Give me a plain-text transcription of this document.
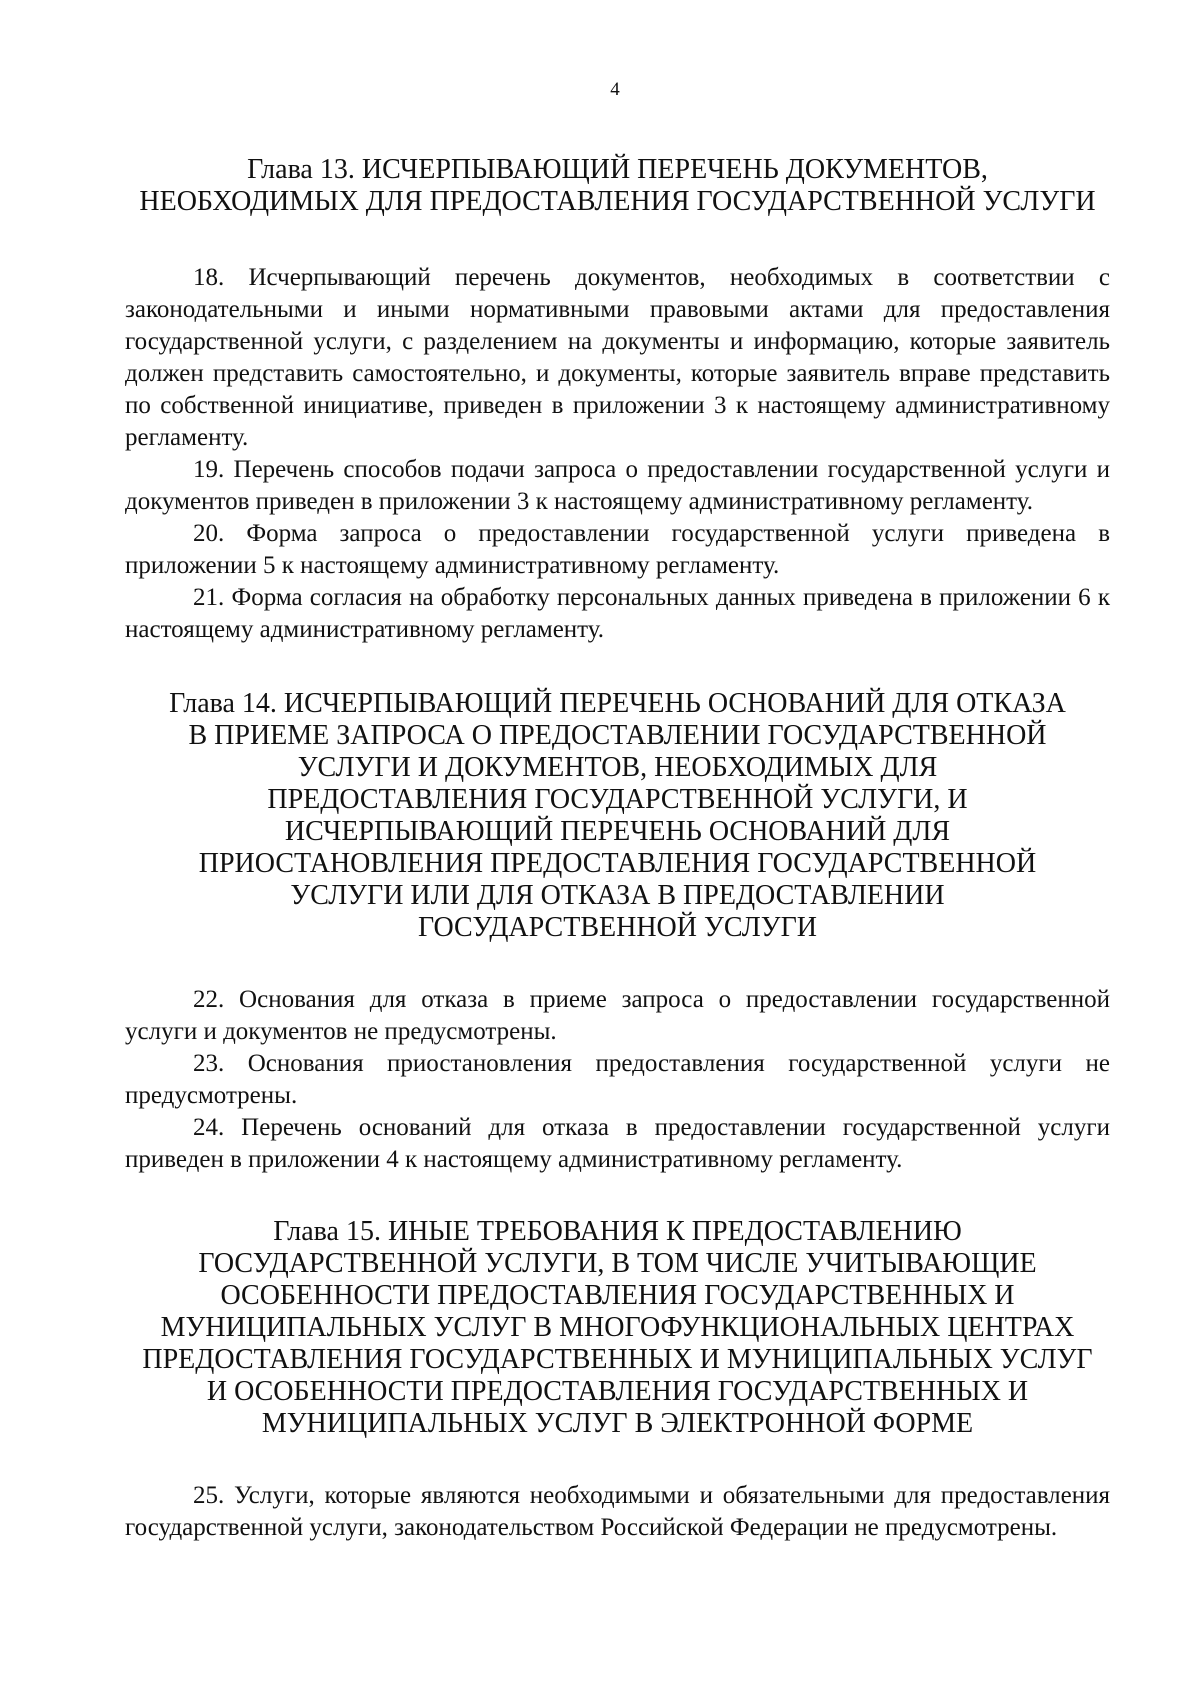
4
Глава 13. ИСЧЕРПЫВАЮЩИЙ ПЕРЕЧЕНЬ ДОКУМЕНТОВ,
НЕОБХОДИМЫХ ДЛЯ ПРЕДОСТАВЛЕНИЯ ГОСУДАРСТВЕННОЙ УСЛУГИ

18. Исчерпывающий перечень документов, необходимых в соответствии с законодательными и иными нормативными правовыми актами для предоставления государственной услуги, с разделением на документы и информацию, которые заявитель должен представить самостоятельно, и документы, которые заявитель вправе представить по собственной инициативе, приведен в приложении 3 к настоящему административному регламенту.

19. Перечень способов подачи запроса о предоставлении государственной услуги и документов приведен в приложении 3 к настоящему административному регламенту.

20. Форма запроса о предоставлении государственной услуги приведена в приложении 5 к настоящему административному регламенту.

21. Форма согласия на обработку персональных данных приведена в приложении 6 к настоящему административному регламенту.

Глава 14. ИСЧЕРПЫВАЮЩИЙ ПЕРЕЧЕНЬ ОСНОВАНИЙ ДЛЯ ОТКАЗА
В ПРИЕМЕ ЗАПРОСА О ПРЕДОСТАВЛЕНИИ ГОСУДАРСТВЕННОЙ
УСЛУГИ И ДОКУМЕНТОВ, НЕОБХОДИМЫХ ДЛЯ
ПРЕДОСТАВЛЕНИЯ ГОСУДАРСТВЕННОЙ УСЛУГИ, И
ИСЧЕРПЫВАЮЩИЙ ПЕРЕЧЕНЬ ОСНОВАНИЙ ДЛЯ
ПРИОСТАНОВЛЕНИЯ ПРЕДОСТАВЛЕНИЯ ГОСУДАРСТВЕННОЙ
УСЛУГИ ИЛИ ДЛЯ ОТКАЗА В ПРЕДОСТАВЛЕНИИ
ГОСУДАРСТВЕННОЙ УСЛУГИ

22. Основания для отказа в приеме запроса о предоставлении государственной услуги и документов не предусмотрены.

23. Основания приостановления предоставления государственной услуги не предусмотрены.

24. Перечень оснований для отказа в предоставлении государственной услуги приведен в приложении 4 к настоящему административному регламенту.

Глава 15. ИНЫЕ ТРЕБОВАНИЯ К ПРЕДОСТАВЛЕНИЮ
ГОСУДАРСТВЕННОЙ УСЛУГИ, В ТОМ ЧИСЛЕ УЧИТЫВАЮЩИЕ
ОСОБЕННОСТИ ПРЕДОСТАВЛЕНИЯ ГОСУДАРСТВЕННЫХ И
МУНИЦИПАЛЬНЫХ УСЛУГ В МНОГОФУНКЦИОНАЛЬНЫХ ЦЕНТРАХ
ПРЕДОСТАВЛЕНИЯ ГОСУДАРСТВЕННЫХ И МУНИЦИПАЛЬНЫХ УСЛУГ
И ОСОБЕННОСТИ ПРЕДОСТАВЛЕНИЯ ГОСУДАРСТВЕННЫХ И
МУНИЦИПАЛЬНЫХ УСЛУГ В ЭЛЕКТРОННОЙ ФОРМЕ

25. Услуги, которые являются необходимыми и обязательными для предоставления государственной услуги, законодательством Российской Федерации не предусмотрены.
